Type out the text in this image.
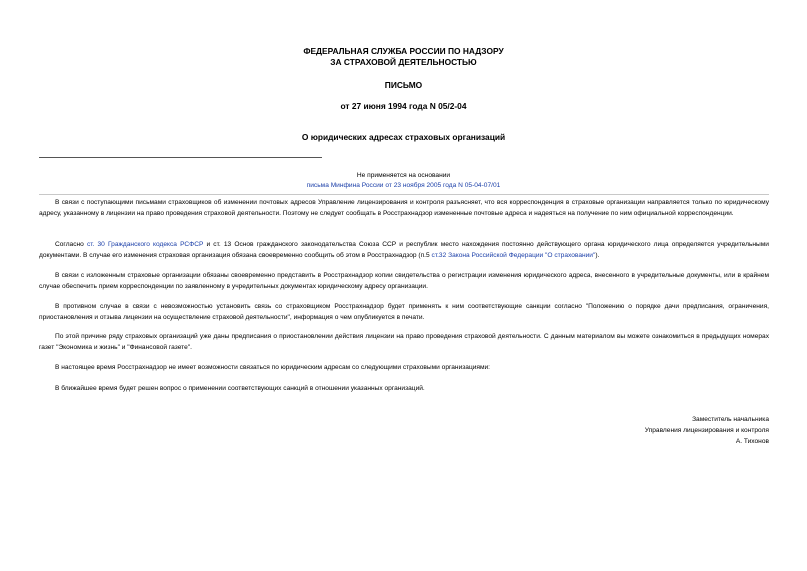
ФЕДЕРАЛЬНАЯ СЛУЖБА РОССИИ ПО НАДЗОРУ
ЗА СТРАХОВОЙ ДЕЯТЕЛЬНОСТЬЮ
ПИСЬМО
от 27 июня 1994 года N 05/2-04
О юридических адресах страховых организаций
Не применяется на основании
письма Минфина России от 23 ноября 2005 года N 05-04-07/01

В связи с поступающими письмами страховщиков об изменении почтовых адресов Управление лицензирования и контроля разъясняет, что вся корреспонденция в страховые организации направляется только по юридическому адресу, указанному в лицензии на право проведения страховой деятельности. Поэтому не следует сообщать в Росстрахнадзор измененные почтовые адреса и надеяться на получение по ним официальной корреспонденции.

Согласно ст. 30 Гражданского кодекса РСФСР и ст. 13 Основ гражданского законодательства Союза ССР и республик место нахождения постоянно действующего органа юридического лица определяется учредительными документами. В случае его изменения страховая организация обязана своевременно сообщить об этом в Росстрахнадзор (п.5 ст.32 Закона Российской Федерации "О страховании").

В связи с изложенным страховые организации обязаны своевременно представить в Росстрахнадзор копии свидетельства о регистрации изменения юридического адреса, внесенного в учредительные документы, или в крайнем случае обеспечить прием корреспонденции по заявленному в учредительных документах юридическому адресу организации.

В противном случае в связи с невозможностью установить связь со страховщиком Росстрахнадзор будет применять к ним соответствующие санкции согласно "Положению о порядке дачи предписания, ограничения, приостановления и отзыва лицензии на осуществление страховой деятельности", информация о чем опубликуется в печати.

По этой причине ряду страховых организаций уже даны предписания о приостановлении действия лицензии на право проведения страховой деятельности. С данным материалом вы можете ознакомиться в предыдущих номерах газет "Экономика и жизнь" и "Финансовой газете".

В настоящее время Росстрахнадзор не имеет возможности связаться по юридическим адресам со следующими страховыми организациями:

В ближайшее время будет решен вопрос о применении соответствующих санкций в отношении указанных организаций.

Заместитель начальника
Управления лицензирования и контроля
А. Тихонов
